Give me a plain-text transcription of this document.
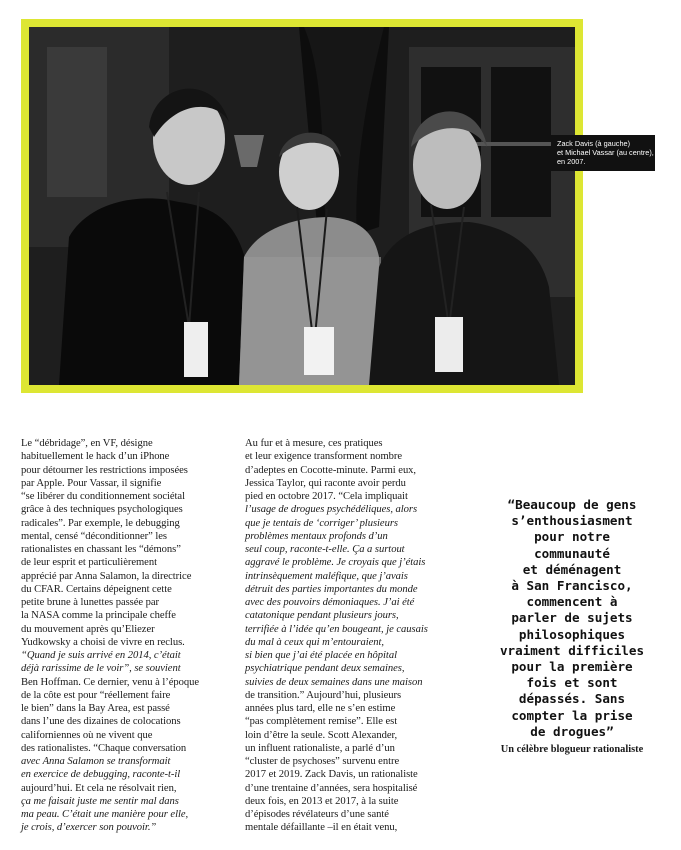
Zack Davis (à gauche)
et Michael Vassar (au centre),
en 2007.
Le “débridage”, en VF, désigne
habituellement le hack d’un iPhone
pour détourner les restrictions imposées
par Apple. Pour Vassar, il signifie
“se libérer du conditionnement sociétal
grâce à des techniques psychologiques
radicales”. Par exemple, le debugging
mental, censé “déconditionner” les
rationalistes en chassant les “démons”
de leur esprit et particulièrement
apprécié par Anna Salamon, la directrice
du CFAR. Certains dépeignent cette
petite brune à lunettes passée par
la NASA comme la principale cheffe
du mouvement après qu’Eliezer
Yudkowsky a choisi de vivre en reclus.
“Quand je suis arrivé en 2014, c’était
déjà rarissime de le voir”, se souvient
Ben Hoffman. Ce dernier, venu à l’époque
de la côte est pour “réellement faire
le bien” dans la Bay Area, est passé
dans l’une des dizaines de colocations
californiennes où ne vivent que
des rationalistes. “Chaque conversation
avec Anna Salamon se transformait
en exercice de debugging, raconte-t-il
aujourd’hui. Et cela ne résolvait rien,
ça me faisait juste me sentir mal dans
ma peau. C’était une manière pour elle,
je crois, d’exercer son pouvoir.”
Au fur et à mesure, ces pratiques
et leur exigence transforment nombre
d’adeptes en Cocotte-minute. Parmi eux,
Jessica Taylor, qui raconte avoir perdu
pied en octobre 2017. “Cela impliquait
l’usage de drogues psychédéliques, alors
que je tentais de ‘corriger’ plusieurs
problèmes mentaux profonds d’un
seul coup, raconte-t-elle. Ça a surtout
aggravé le problème. Je croyais que j’étais
intrinsèquement maléfique, que j’avais
détruit des parties importantes du monde
avec des pouvoirs démoniaques. J’ai été
catatonique pendant plusieurs jours,
terrifiée à l’idée qu’en bougeant, je causais
du mal à ceux qui m’entouraient,
si bien que j’ai été placée en hôpital
psychiatrique pendant deux semaines,
suivies de deux semaines dans une maison
de transition.” Aujourd’hui, plusieurs
années plus tard, elle ne s’en estime
“pas complètement remise”. Elle est
loin d’être la seule. Scott Alexander,
un influent rationaliste, a parlé d’un
“cluster de psychoses” survenu entre
2017 et 2019. Zack Davis, un rationaliste
d’une trentaine d’années, sera hospitalisé
deux fois, en 2013 et 2017, à la suite
d’épisodes révélateurs d’une santé
mentale défaillante –il en était venu,
“Beaucoup de gens
s’enthousiasment
pour notre
communauté
et déménagent
à San Francisco,
commencent à
parler de sujets
philosophiques
vraiment difficiles
pour la première
fois et sont
dépassés. Sans
compter la prise
de drogues”
Un célèbre blogueur rationaliste
